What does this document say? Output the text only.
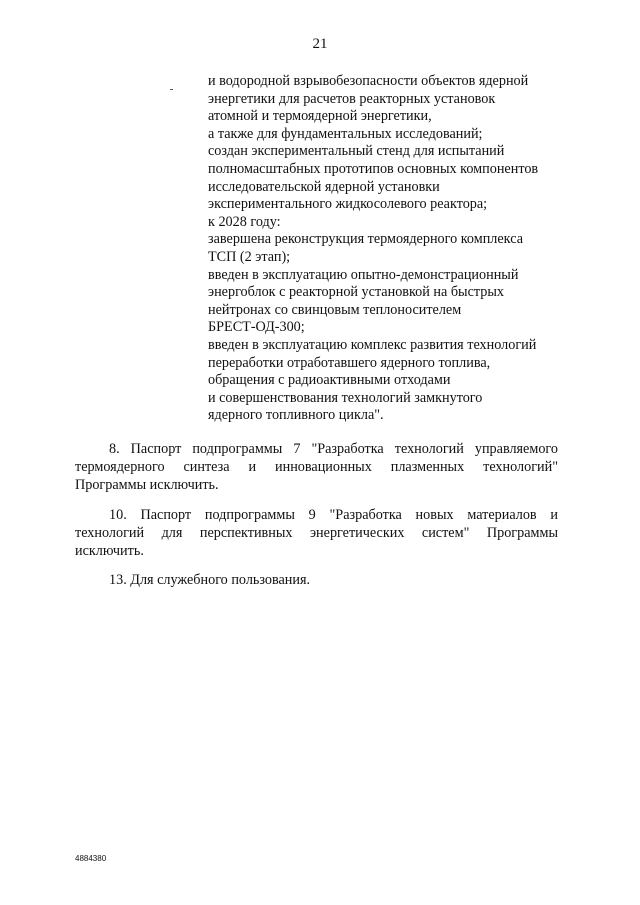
21
и водородной взрывобезопасности объектов ядерной
энергетики для расчетов реакторных установок
атомной и термоядерной энергетики,
а также для фундаментальных исследований;
создан экспериментальный стенд для испытаний
полномасштабных прототипов основных компонентов
исследовательской ядерной установки
экспериментального жидкосолевого реактора;
к 2028 году:
завершена реконструкция термоядерного комплекса
ТСП (2 этап);
введен в эксплуатацию опытно-демонстрационный
энергоблок с реакторной установкой на быстрых
нейтронах со свинцовым теплоносителем
БРЕСТ-ОД-300;
введен в эксплуатацию комплекс развития технологий
переработки отработавшего ядерного топлива,
обращения с радиоактивными отходами
и совершенствования технологий замкнутого
ядерного топливного цикла".
8. Паспорт подпрограммы 7 "Разработка технологий управляемого
термоядерного синтеза и инновационных плазменных технологий"
Программы исключить.
10. Паспорт подпрограммы 9 "Разработка новых материалов и
технологий для перспективных энергетических систем" Программы
исключить.
13. Для служебного пользования.
4884380
